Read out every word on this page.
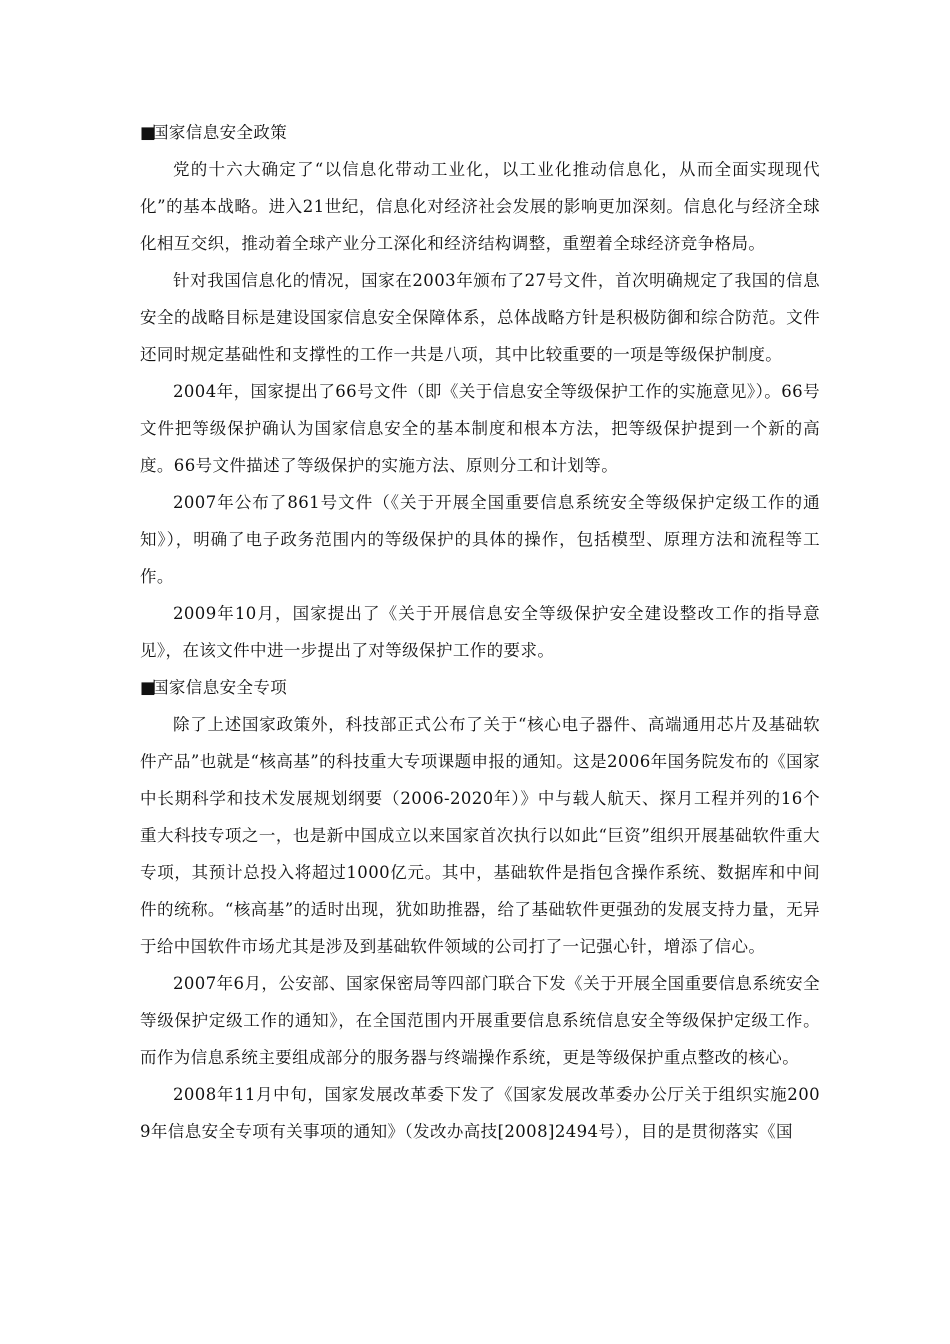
■国家信息安全政策

党的十六大确定了“以信息化带动工业化，以工业化推动信息化，从而全面实现现代化”的基本战略。进入21世纪，信息化对经济社会发展的影响更加深刻。信息化与经济全球化相互交织，推动着全球产业分工深化和经济结构调整，重塑着全球经济竞争格局。

针对我国信息化的情况，国家在2003年颁布了27号文件，首次明确规定了我国的信息安全的战略目标是建设国家信息安全保障体系，总体战略方针是积极防御和综合防范。文件还同时规定基础性和支撑性的工作一共是八项，其中比较重要的一项是等级保护制度。

2004年，国家提出了66号文件（即《关于信息安全等级保护工作的实施意见》）。66号文件把等级保护确认为国家信息安全的基本制度和根本方法，把等级保护提到一个新的高度。66号文件描述了等级保护的实施方法、原则分工和计划等。

2007年公布了861号文件（《关于开展全国重要信息系统安全等级保护定级工作的通知》），明确了电子政务范围内的等级保护的具体的操作，包括模型、原理方法和流程等工作。

2009年10月，国家提出了《关于开展信息安全等级保护安全建设整改工作的指导意见》，在该文件中进一步提出了对等级保护工作的要求。

■国家信息安全专项

除了上述国家政策外，科技部正式公布了关于“核心电子器件、高端通用芯片及基础软件产品”也就是“核高基”的科技重大专项课题申报的通知。这是2006年国务院发布的《国家中长期科学和技术发展规划纲要（2006-2020年）》中与载人航天、探月工程并列的16个重大科技专项之一，也是新中国成立以来国家首次执行以如此“巨资”组织开展基础软件重大专项，其预计总投入将超过1000亿元。其中，基础软件是指包含操作系统、数据库和中间件的统称。“核高基”的适时出现，犹如助推器，给了基础软件更强劲的发展支持力量，无异于给中国软件市场尤其是涉及到基础软件领域的公司打了一记强心针，增添了信心。

2007年6月，公安部、国家保密局等四部门联合下发《关于开展全国重要信息系统安全等级保护定级工作的通知》，在全国范围内开展重要信息系统信息安全等级保护定级工作。而作为信息系统主要组成部分的服务器与终端操作系统，更是等级保护重点整改的核心。

2008年11月中旬，国家发展改革委下发了《国家发展改革委办公厅关于组织实施2009年信息安全专项有关事项的通知》（发改办高技[2008]2494号），目的是贯彻落实《国
